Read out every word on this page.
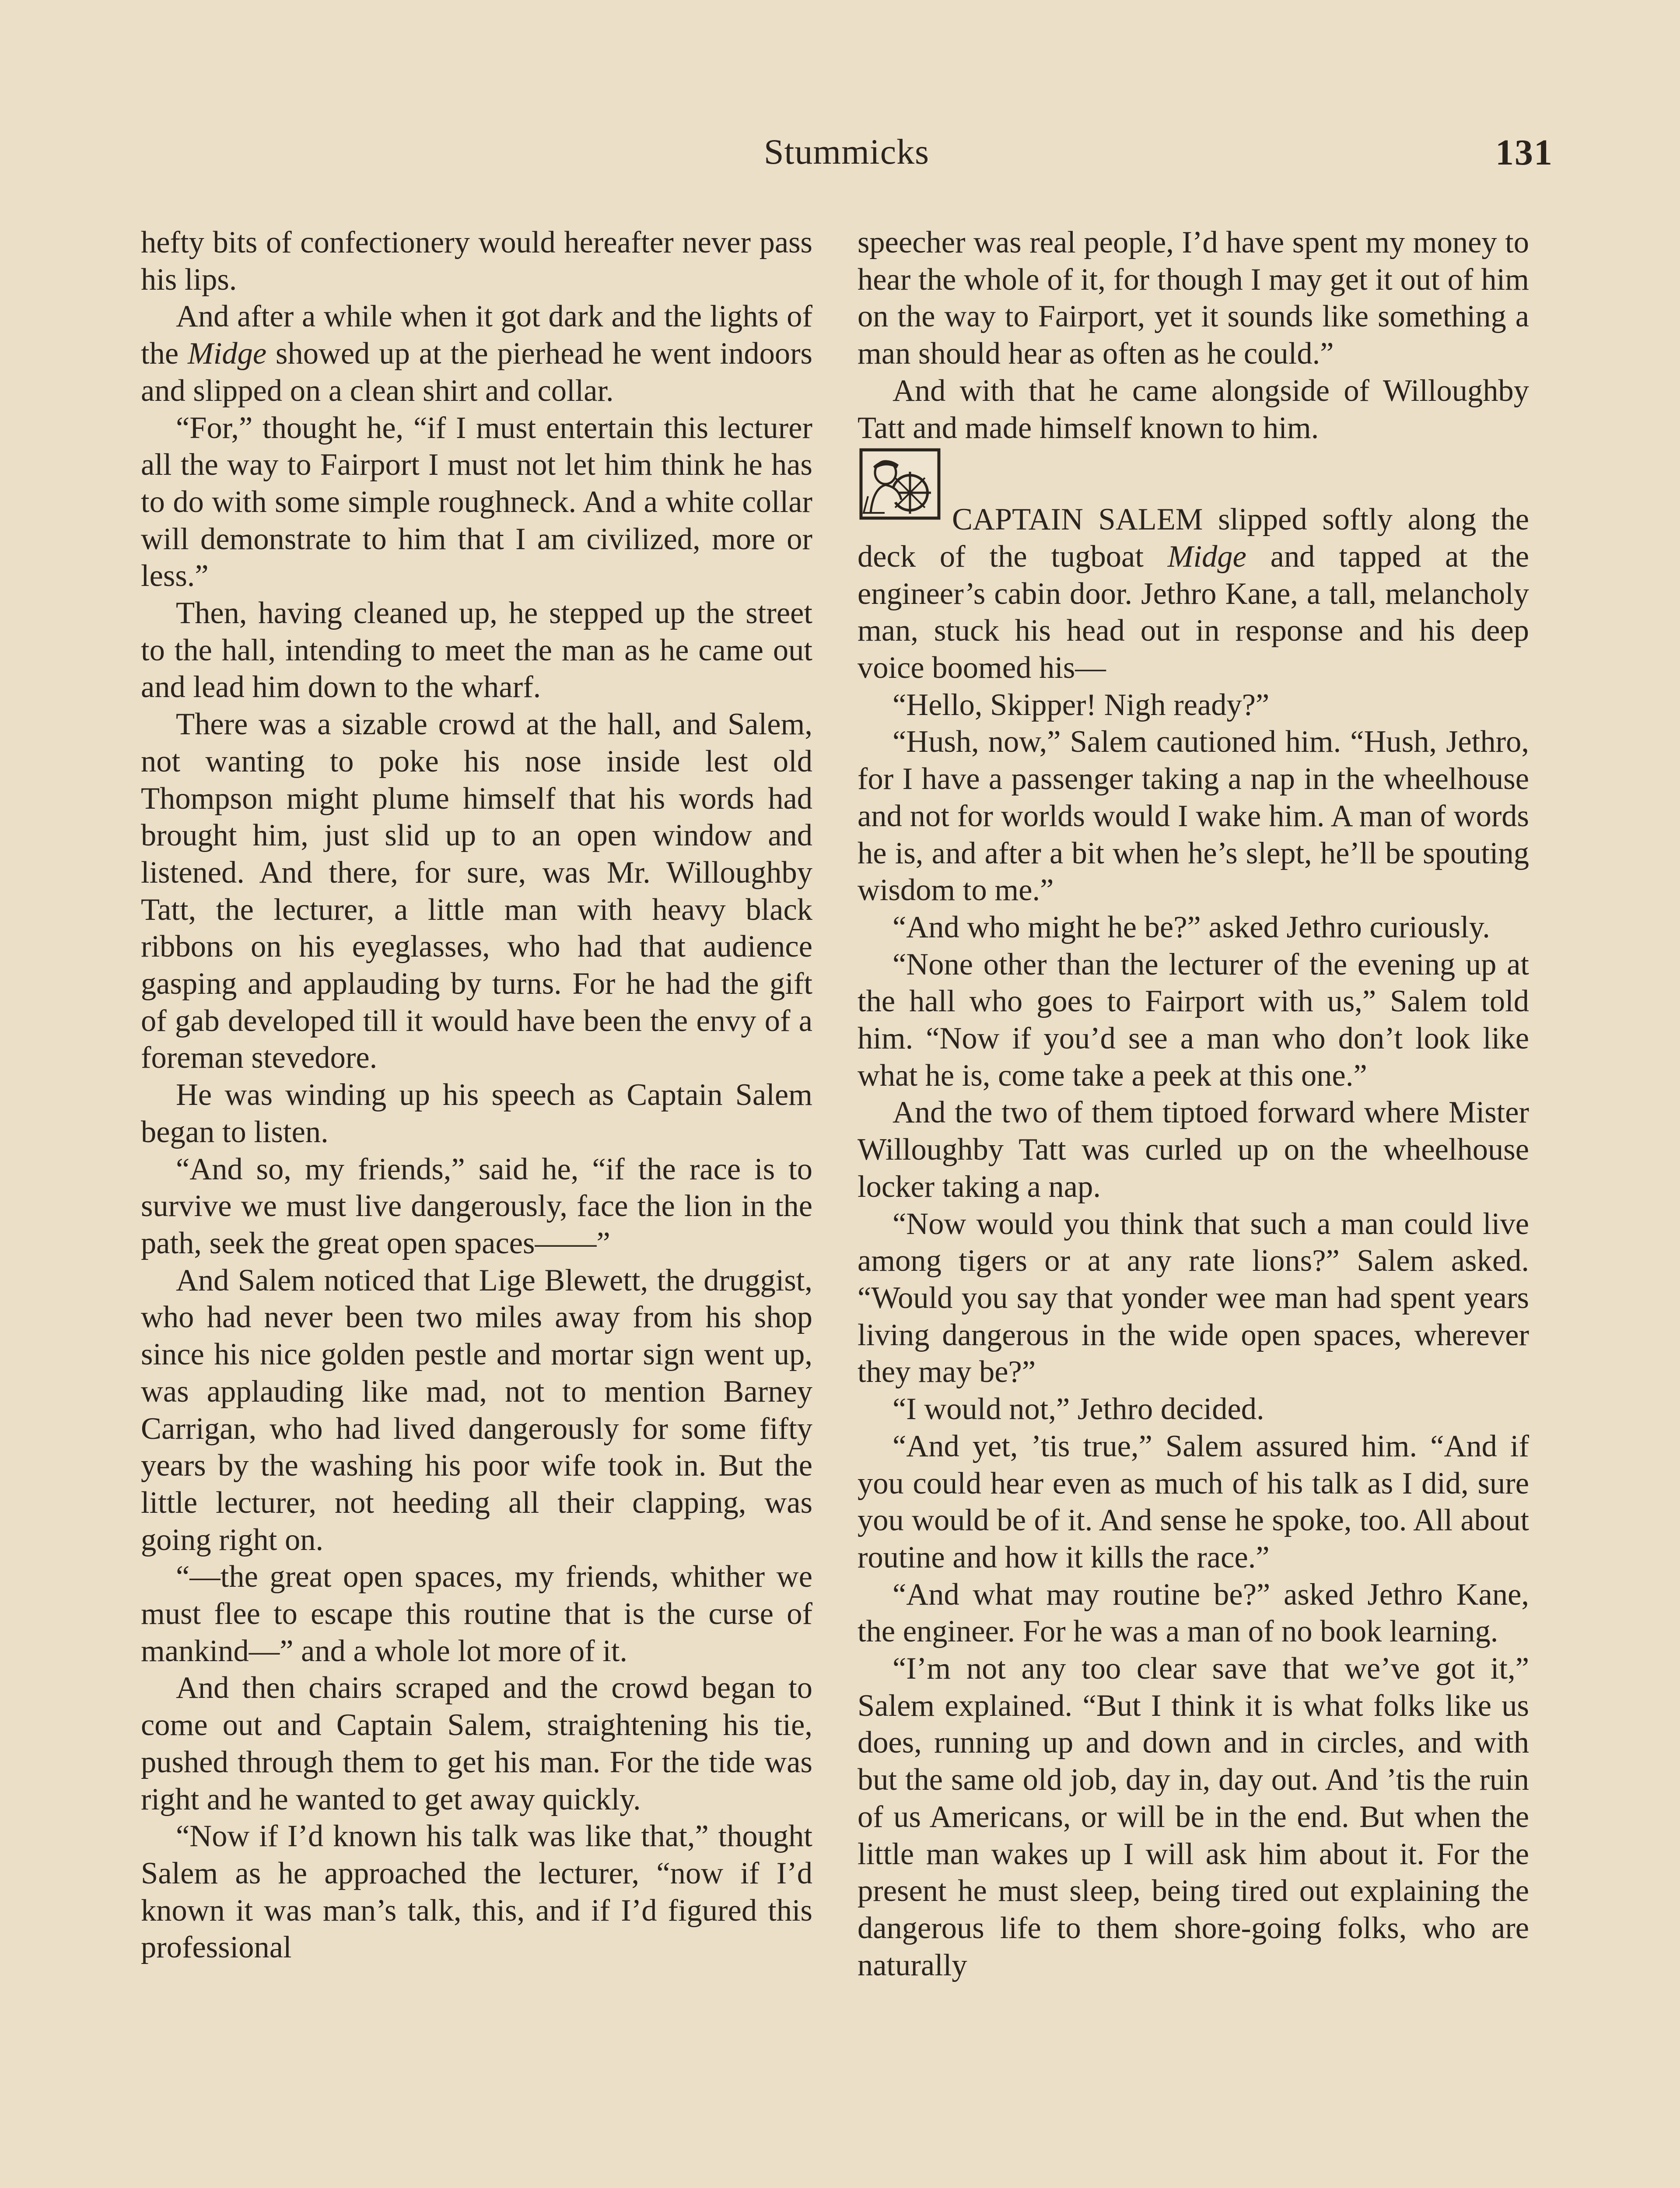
Stummicks	131

hefty bits of confectionery would hereafter never pass his lips.

And after a while when it got dark and the lights of the Midge showed up at the pierhead he went indoors and slipped on a clean shirt and collar.

“For,” thought he, “if I must entertain this lecturer all the way to Fairport I must not let him think he has to do with some simple roughneck. And a white collar will demonstrate to him that I am civilized, more or less.”

Then, having cleaned up, he stepped up the street to the hall, intending to meet the man as he came out and lead him down to the wharf.

There was a sizable crowd at the hall, and Salem, not wanting to poke his nose inside lest old Thompson might plume himself that his words had brought him, just slid up to an open window and listened. And there, for sure, was Mr. Willoughby Tatt, the lecturer, a little man with heavy black ribbons on his eyeglasses, who had that audience gasping and applauding by turns. For he had the gift of gab developed till it would have been the envy of a foreman stevedore.

He was winding up his speech as Captain Salem began to listen.

“And so, my friends,” said he, “if the race is to survive we must live dangerously, face the lion in the path, seek the great open spaces——”

And Salem noticed that Lige Blewett, the druggist, who had never been two miles away from his shop since his nice golden pestle and mortar sign went up, was applauding like mad, not to mention Barney Carrigan, who had lived dangerously for some fifty years by the washing his poor wife took in. But the little lecturer, not heeding all their clapping, was going right on.

“—the great open spaces, my friends, whither we must flee to escape this routine that is the curse of mankind—” and a whole lot more of it.

And then chairs scraped and the crowd began to come out and Captain Salem, straightening his tie, pushed through them to get his man. For the tide was right and he wanted to get away quickly.

“Now if I’d known his talk was like that,” thought Salem as he approached the lecturer, “now if I’d known it was man’s talk, this, and if I’d figured this professional

speecher was real people, I’d have spent my money to hear the whole of it, for though I may get it out of him on the way to Fairport, yet it sounds like something a man should hear as often as he could.”

And with that he came alongside of Willoughby Tatt and made himself known to him.

CAPTAIN SALEM slipped softly along the deck of the tugboat Midge and tapped at the engineer’s cabin door. Jethro Kane, a tall, melancholy man, stuck his head out in response and his deep voice boomed his—

“Hello, Skipper! Nigh ready?”

“Hush, now,” Salem cautioned him. “Hush, Jethro, for I have a passenger taking a nap in the wheelhouse and not for worlds would I wake him. A man of words he is, and after a bit when he’s slept, he’ll be spouting wisdom to me.”

“And who might he be?” asked Jethro curiously.

“None other than the lecturer of the evening up at the hall who goes to Fairport with us,” Salem told him. “Now if you’d see a man who don’t look like what he is, come take a peek at this one.”

And the two of them tiptoed forward where Mister Willoughby Tatt was curled up on the wheelhouse locker taking a nap.

“Now would you think that such a man could live among tigers or at any rate lions?” Salem asked. “Would you say that yonder wee man had spent years living dangerous in the wide open spaces, wherever they may be?”

“I would not,” Jethro decided.

“And yet, ’tis true,” Salem assured him. “And if you could hear even as much of his talk as I did, sure you would be of it. And sense he spoke, too. All about routine and how it kills the race.”

“And what may routine be?” asked Jethro Kane, the engineer. For he was a man of no book learning.

“I’m not any too clear save that we’ve got it,” Salem explained. “But I think it is what folks like us does, running up and down and in circles, and with but the same old job, day in, day out. And ’tis the ruin of us Americans, or will be in the end. But when the little man wakes up I will ask him about it. For the present he must sleep, being tired out explaining the dangerous life to them shore-going folks, who are naturally
